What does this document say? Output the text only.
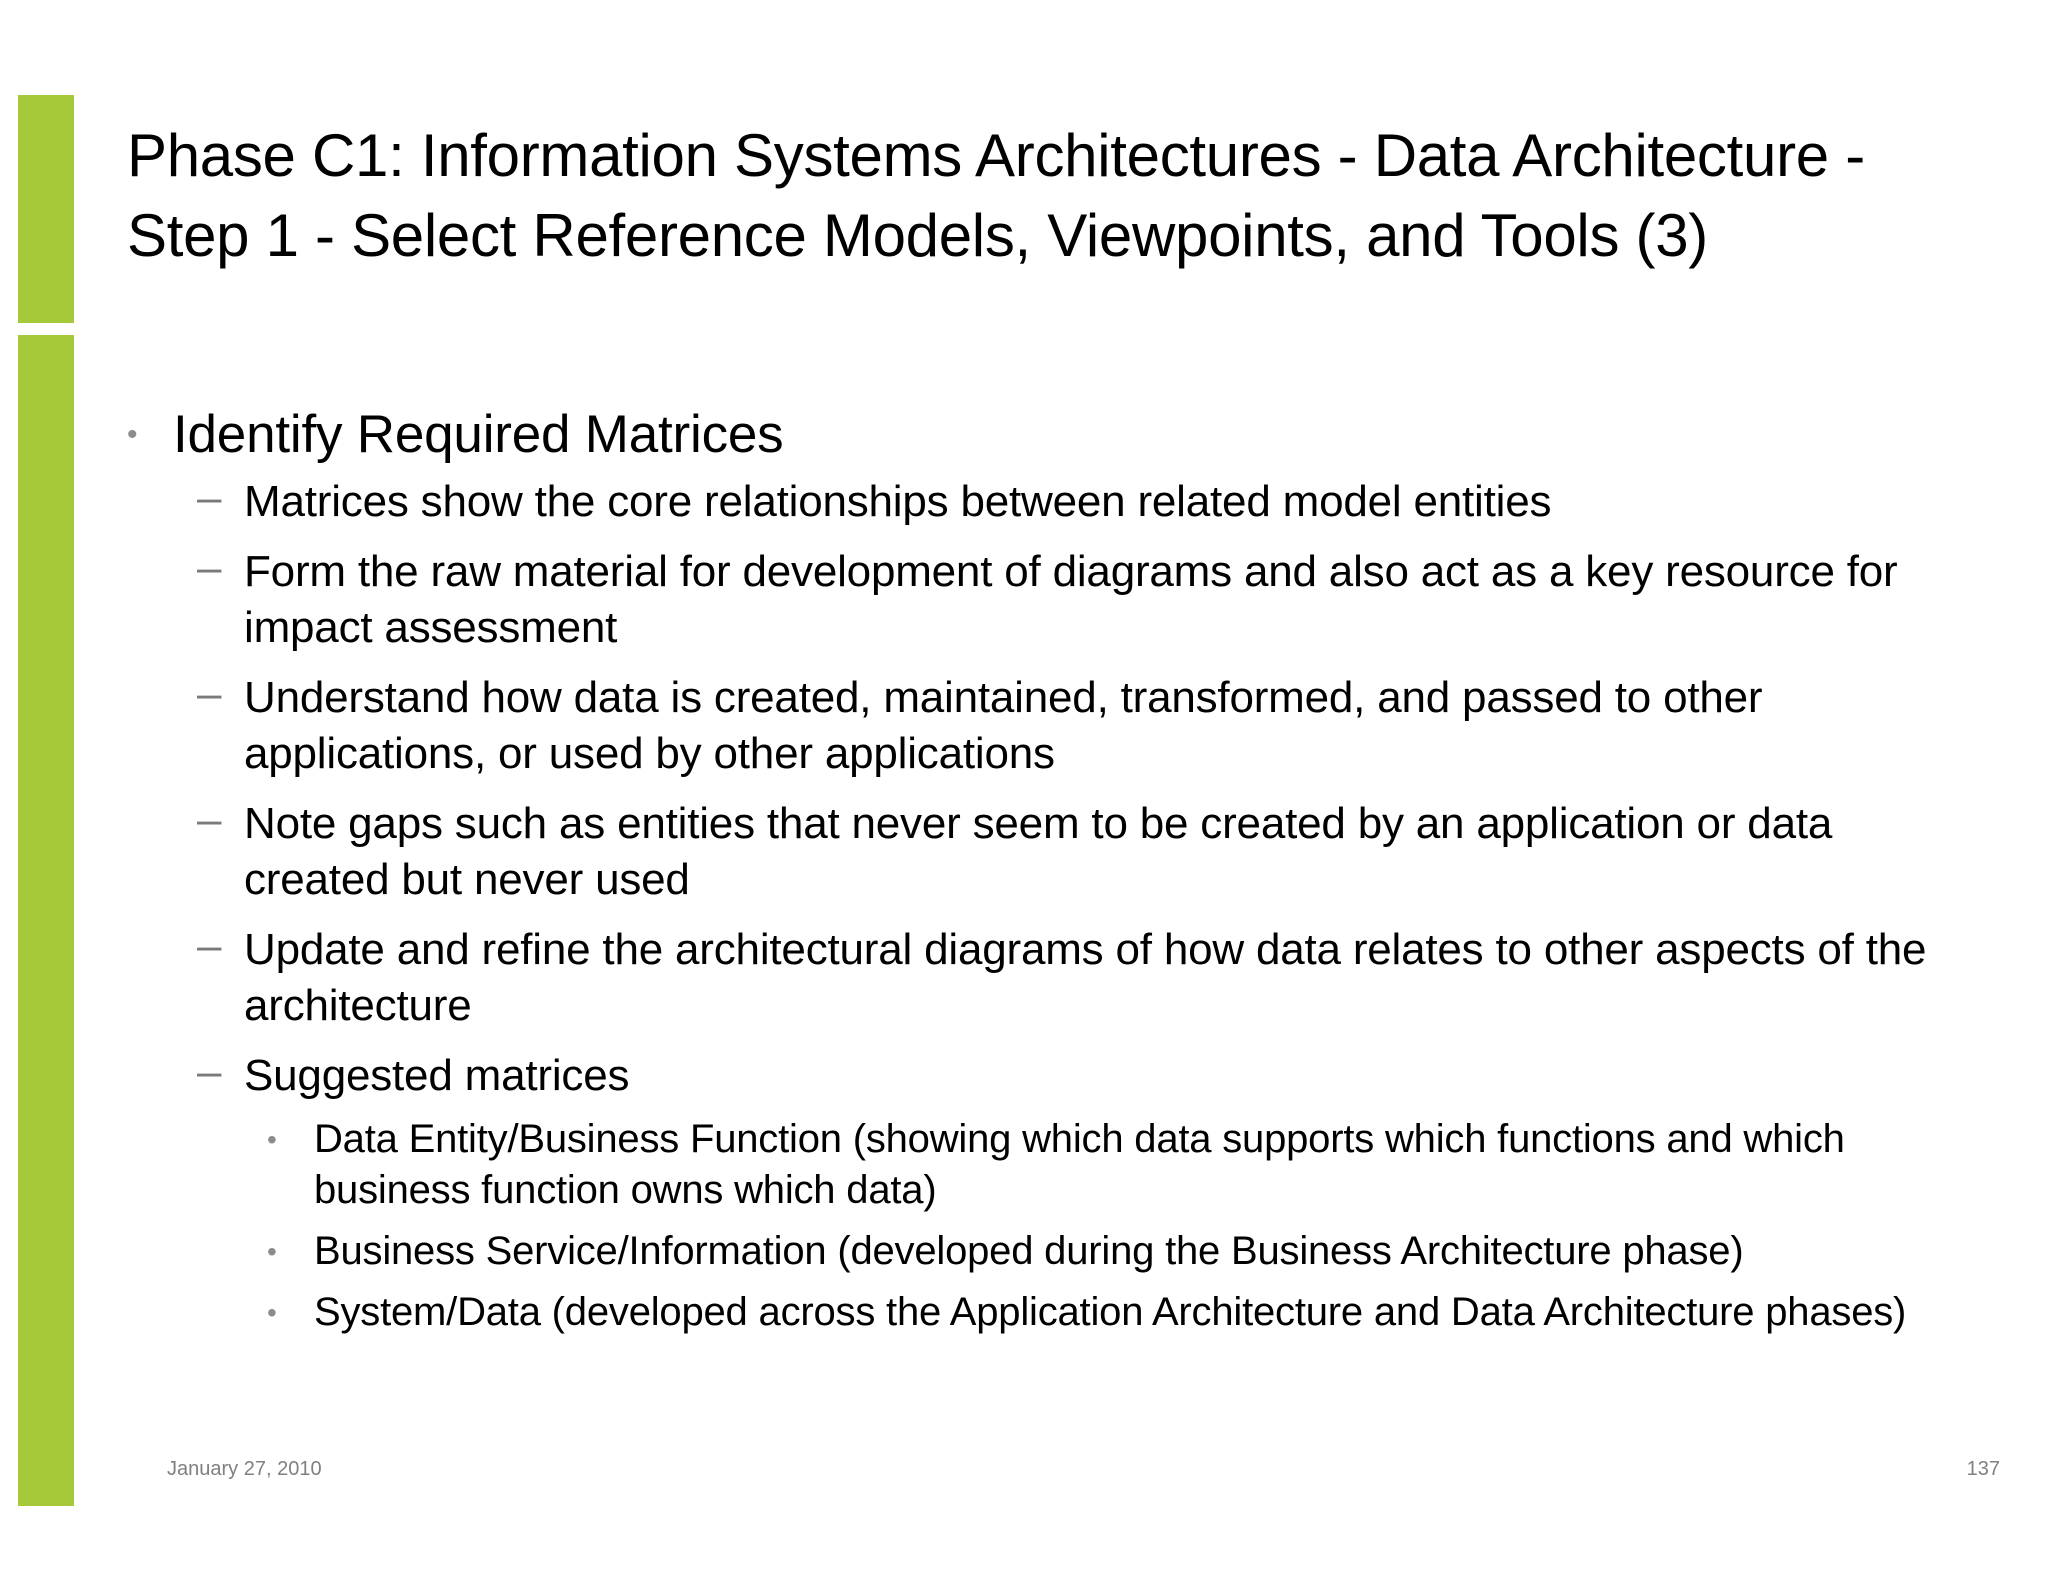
Phase C1: Information Systems Architectures - Data Architecture - Step 1 - Select Reference Models, Viewpoints, and Tools (3)
• Identify Required Matrices
– Matrices show the core relationships between related model entities
– Form the raw material for development of diagrams and also act as a key resource for impact assessment
– Understand how data is created, maintained, transformed, and passed to other applications, or used by other applications
– Note gaps such as entities that never seem to be created by an application or data created but never used
– Update and refine the architectural diagrams of how data relates to other aspects of the architecture
– Suggested matrices
• Data Entity/Business Function (showing which data supports which functions and which business function owns which data)
• Business Service/Information (developed during the Business Architecture phase)
• System/Data (developed across the Application Architecture and Data Architecture phases)
January 27, 2010	137
